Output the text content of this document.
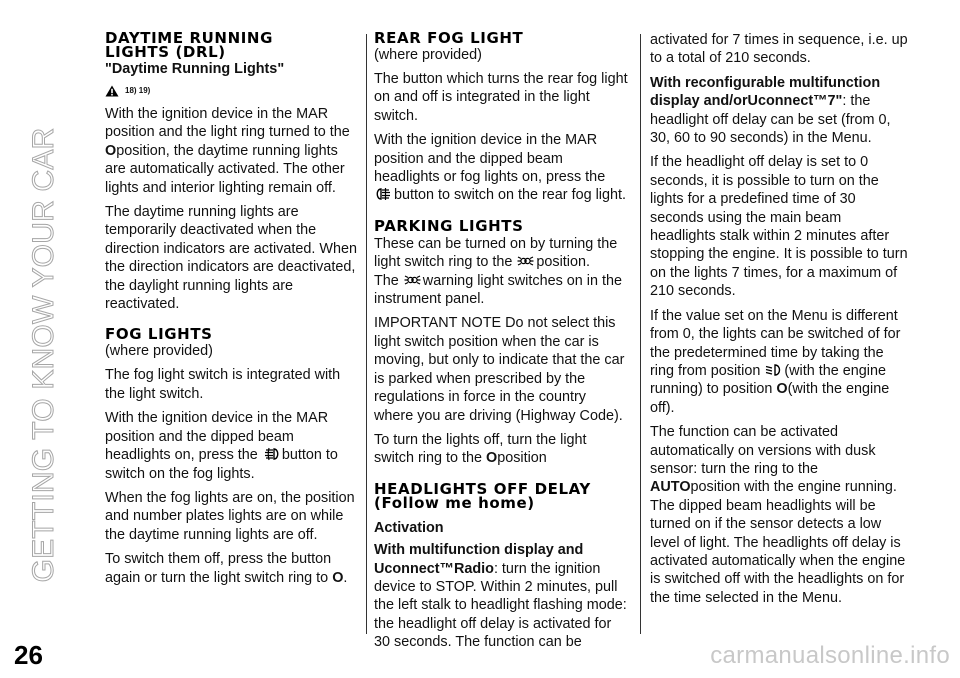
GETTING TO KNOW YOUR CAR
26	carmanualsonline.info
DAYTIME RUNNING
LIGHTS (DRL)
"Daytime Running Lights"
18) 19)

With the ignition device in the MAR position and the light ring turned to the Oposition, the daytime running lights are automatically activated. The other lights and interior lighting remain off.

The daytime running lights are temporarily deactivated when the direction indicators are activated. When the direction indicators are deactivated, the daylight running lights are reactivated.

FOG LIGHTS
(where provided)

The fog light switch is integrated with the light switch.

With the ignition device in the MAR position and the dipped beam headlights on, press the button to switch on the fog lights.

When the fog lights are on, the position and number plates lights are on while the daytime running lights are off.

To switch them off, press the button again or turn the light switch ring to O.

REAR FOG LIGHT
(where provided)

The button which turns the rear fog light on and off is integrated in the light switch.

With the ignition device in the MAR position and the dipped beam headlights or fog lights on, press the button to switch on the rear fog light.

PARKING LIGHTS

These can be turned on by turning the light switch ring to the position.

The warning light switches on in the instrument panel.

IMPORTANT NOTE Do not select this light switch position when the car is moving, but only to indicate that the car is parked when prescribed by the regulations in force in the country where you are driving (Highway Code).

To turn the lights off, turn the light switch ring to the Oposition

HEADLIGHTS OFF DELAY
(Follow me home)

Activation

With multifunction display and Uconnect™Radio: turn the ignition device to STOP. Within 2 minutes, pull the left stalk to headlight flashing mode: the headlight off delay is activated for 30 seconds. The function can be

activated for 7 times in sequence, i.e. up to a total of 210 seconds.

With reconfigurable multifunction display and/orUconnect™7": the headlight off delay can be set (from 0, 30, 60 to 90 seconds) in the Menu.

If the headlight off delay is set to 0 seconds, it is possible to turn on the lights for a predefined time of 30 seconds using the main beam headlights stalk within 2 minutes after stopping the engine. It is possible to turn on the lights 7 times, for a maximum of 210 seconds.

If the value set on the Menu is different from 0, the lights can be switched of for the predetermined time by taking the ring from position (with the engine running) to position O(with the engine off).

The function can be activated automatically on versions with dusk sensor: turn the ring to the AUTOposition with the engine running. The dipped beam headlights will be turned on if the sensor detects a low level of light. The headlights off delay is activated automatically when the engine is switched off with the headlights on for the time selected in the Menu.
